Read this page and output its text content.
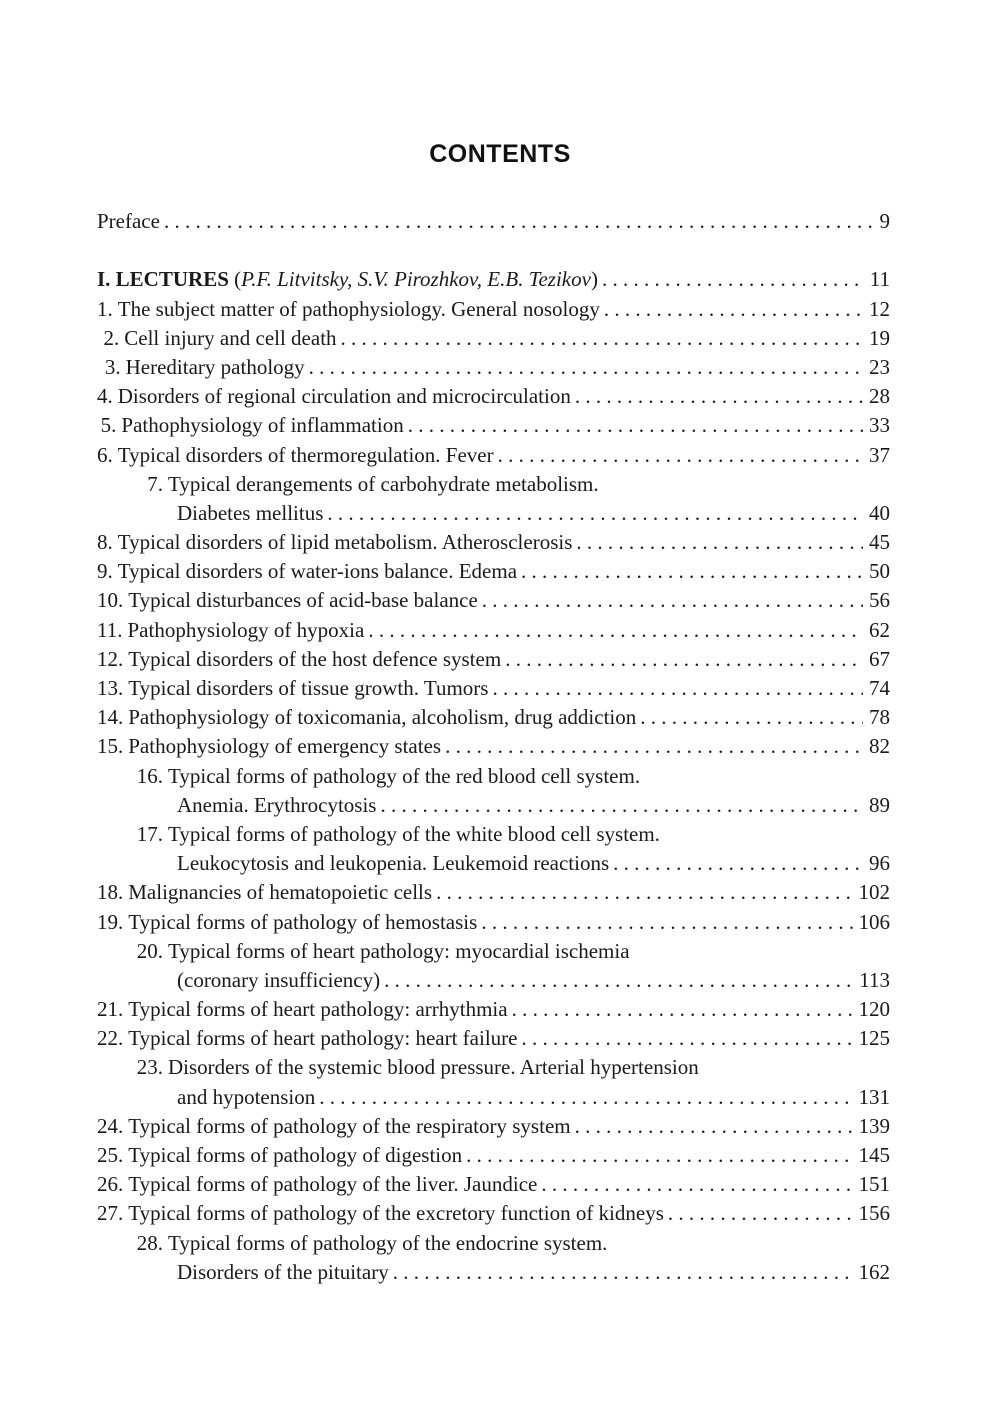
CONTENTS
Preface . . .	9
I. LECTURES (P.F. Litvitsky, S.V. Pirozhkov, E.B. Tezikov) . . .	11
1. The subject matter of pathophysiology. General nosology . . .	12
2. Cell injury and cell death . . .	19
3. Hereditary pathology . . .	23
4. Disorders of regional circulation and microcirculation . . .	28
5. Pathophysiology of inflammation . . .	33
6. Typical disorders of thermoregulation. Fever . . .	37
7. Typical derangements of carbohydrate metabolism.
Diabetes mellitus . . .	40
8. Typical disorders of lipid metabolism. Atherosclerosis . . .	45
9. Typical disorders of water-ions balance. Edema . . .	50
10. Typical disturbances of acid-base balance . . .	56
11. Pathophysiology of hypoxia . . .	62
12. Typical disorders of the host defence system . . .	67
13. Typical disorders of tissue growth. Tumors . . .	74
14. Pathophysiology of toxicomania, alcoholism, drug addiction . . .	78
15. Pathophysiology of emergency states . . .	82
16. Typical forms of pathology of the red blood cell system.
Anemia. Erythrocytosis . . .	89
17. Typical forms of pathology of the white blood cell system.
Leukocytosis and leukopenia. Leukemoid reactions . . .	96
18. Malignancies of hematopoietic cells . . .	102
19. Typical forms of pathology of hemostasis . . .	106
20. Typical forms of heart pathology: myocardial ischemia
(coronary insufficiency) . . .	113
21. Typical forms of heart pathology: arrhythmia . . .	120
22. Typical forms of heart pathology: heart failure . . .	125
23. Disorders of the systemic blood pressure. Arterial hypertension
and hypotension . . .	131
24. Typical forms of pathology of the respiratory system . . .	139
25. Typical forms of pathology of digestion . . .	145
26. Typical forms of pathology of the liver. Jaundice . . .	151
27. Typical forms of pathology of the excretory function of kidneys . . .	156
28. Typical forms of pathology of the endocrine system.
Disorders of the pituitary . . .	162
